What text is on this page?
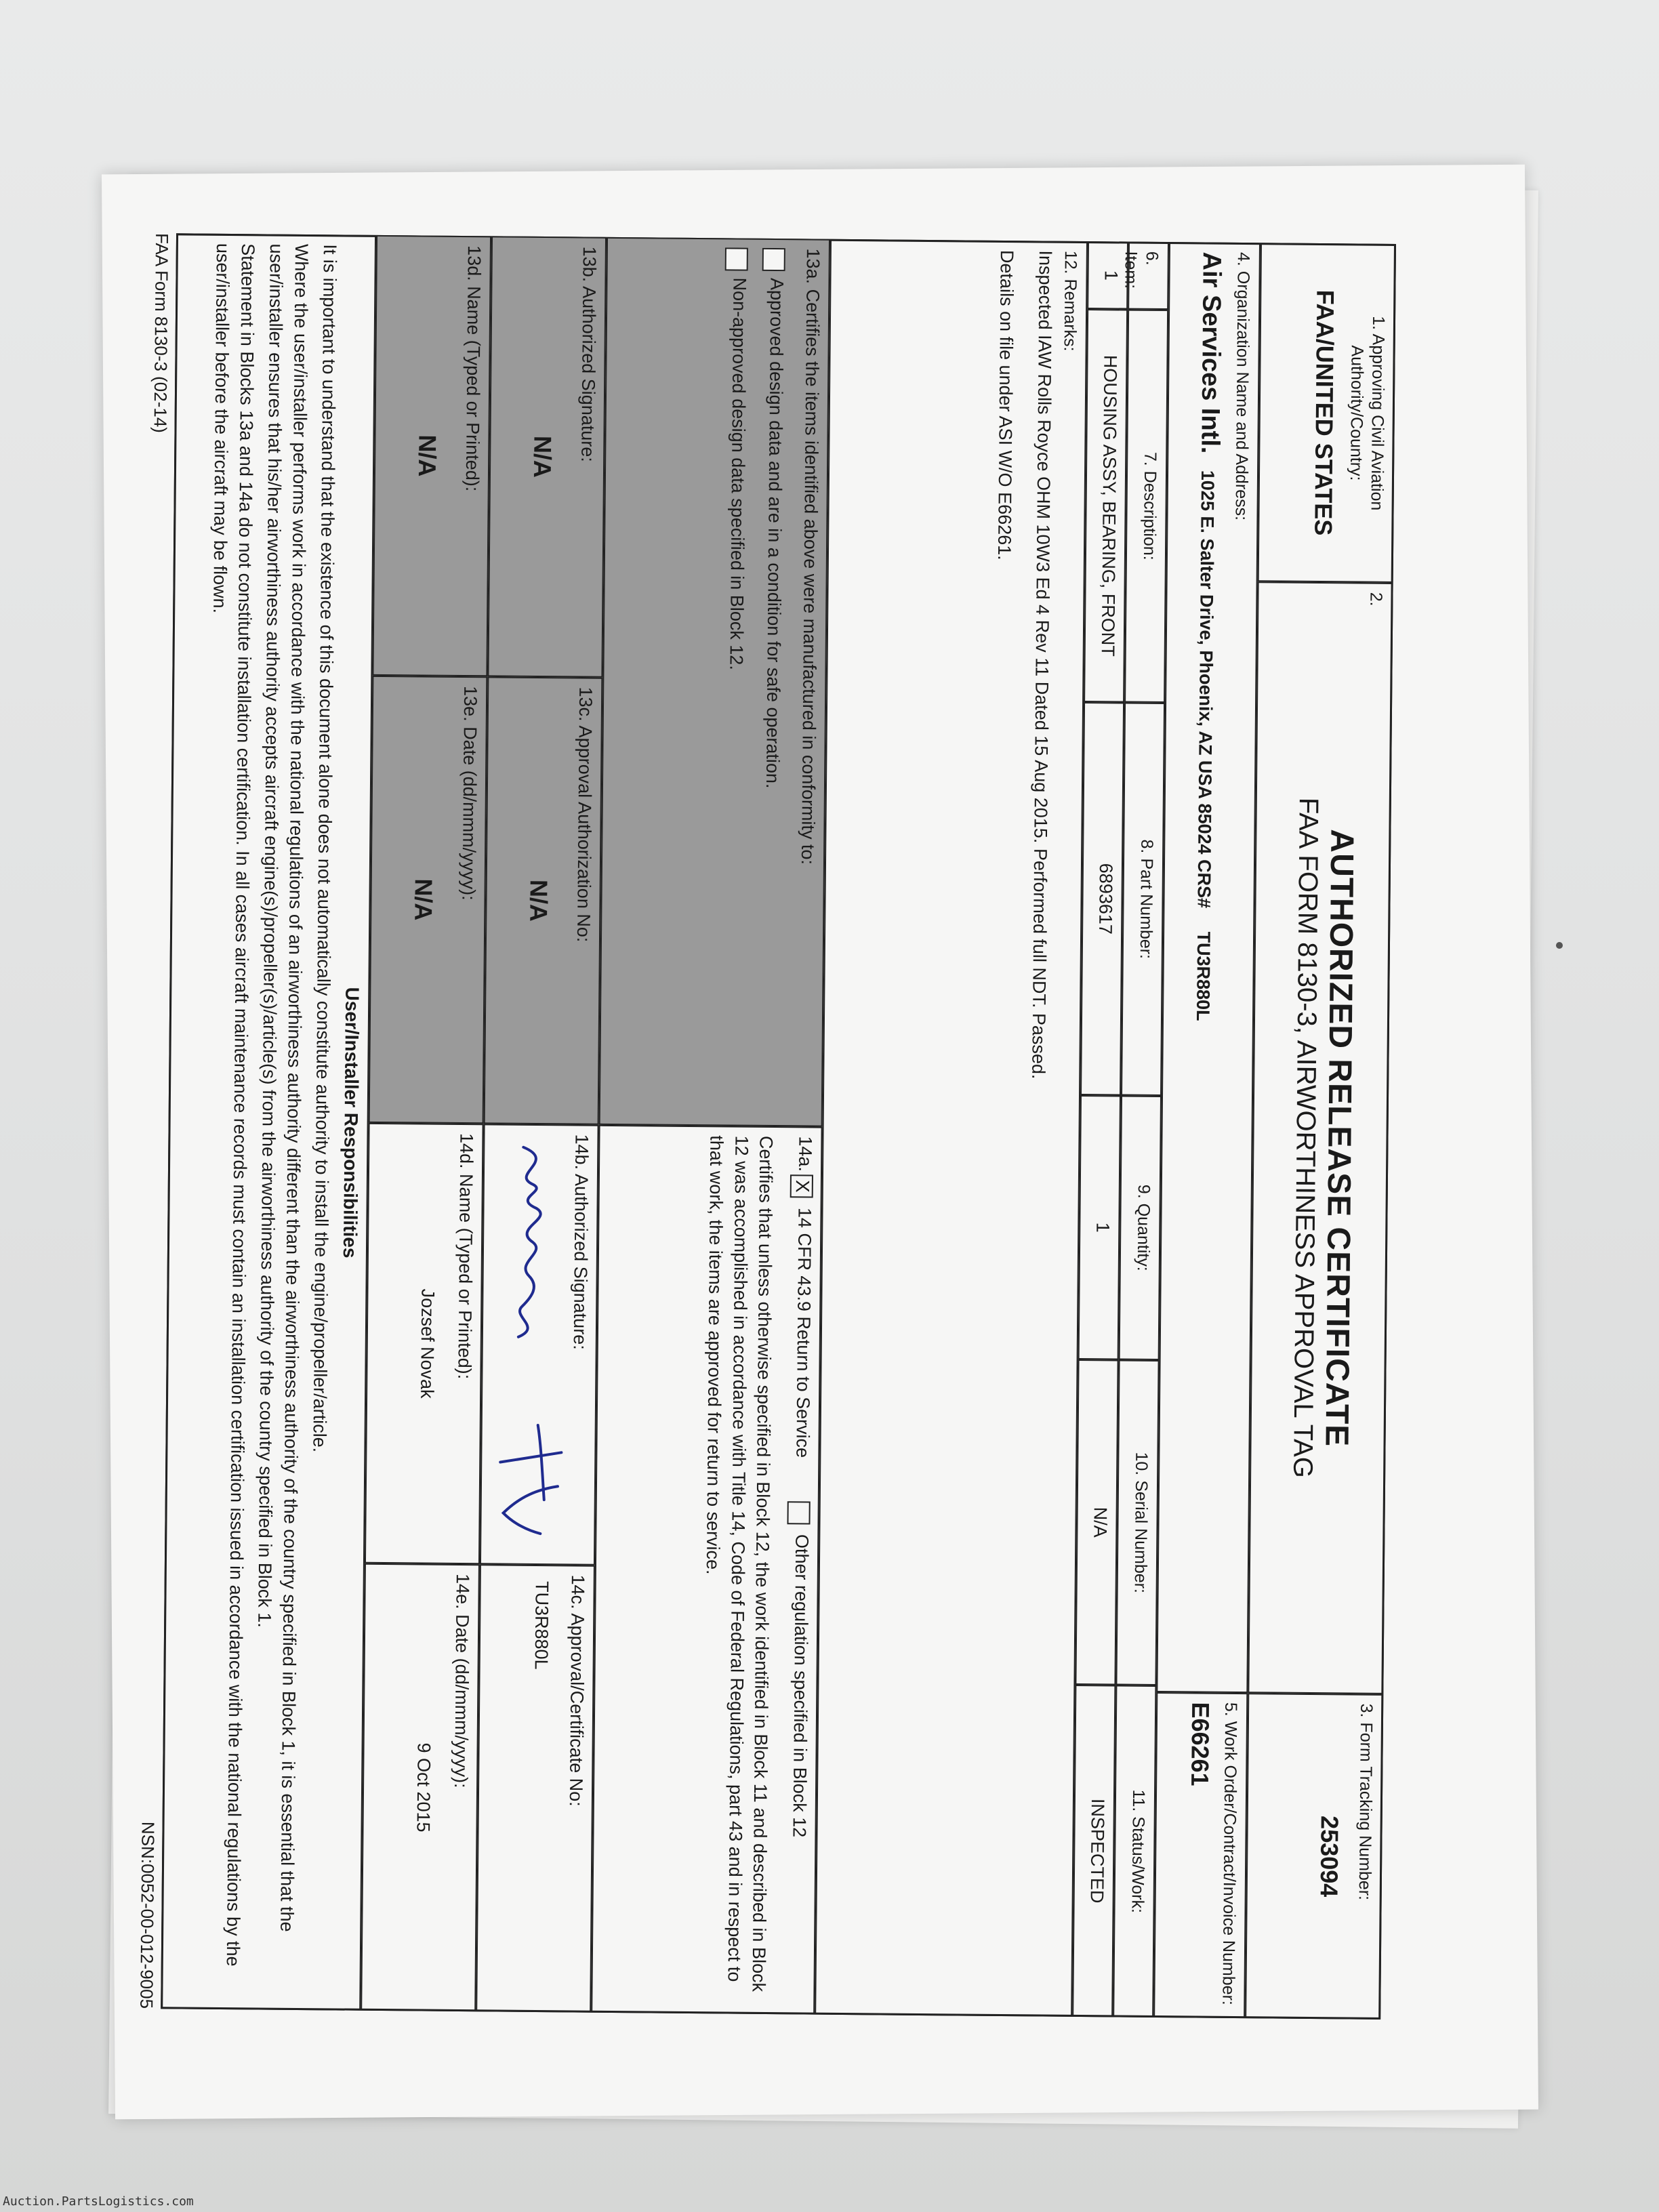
1. Approving Civil Aviation Authority/Country:
FAA/UNITED STATES
2.
AUTHORIZED RELEASE CERTIFICATE
FAA FORM 8130-3, AIRWORTHINESS APPROVAL TAG
3. Form Tracking Number:
253094
4. Organization Name and Address:
Air Services Intl. 1025 E. Salter Drive, Phoenix, AZ USA 85024 CRS# TU3R880L
5. Work Order/Contract/Invoice Number:
E66261
6. Item:
7. Description:
8. Part Number:
9. Quantity:
10. Serial Number:
11. Status/Work:
1
HOUSING ASSY, BEARING, FRONT
6893617
1
N/A
INSPECTED
12. Remarks:
Inspected IAW Rolls Royce OHM 10W3 Ed 4 Rev 11 Dated 15 Aug 2015. Performed full NDT. Passed.
Details on file under ASI W/O E66261.
13a. Certifies the items identified above were manufactured in conformity to:
Approved design data and are in a condition for safe operation.
Non-approved design data specified in Block 12.
14a. X 14 CFR 43.9 Return to Service  Other regulation specified in Block 12
Certifies that unless otherwise specified in Block 12, the work identified in Block 11 and described in Block 12 was accomplished in accordance with Title 14, Code of Federal Regulations, part 43 and in respect to that work, the items are approved for return to service.
13b. Authorized Signature:
N/A
13c. Approval Authorization No:
N/A
14b. Authorized Signature:
14c. Approval/Certificate No:
TU3R880L
13d. Name (Typed or Printed):
N/A
13e. Date (dd/mmm/yyyy):
N/A
14d. Name (Typed or Printed):
Jozsef Novak
14e. Date (dd/mmm/yyyy):
9 Oct 2015
User/Installer Responsibilities
It is important to understand that the existence of this document alone does not automatically constitute authority to install the engine/propeller/article.
Where the user/installer performs work in accordance with the national regulations of an airworthiness authority different than the airworthiness authority of the country specified in Block 1, it is essential that the user/installer ensures that his/her airworthiness authority accepts aircraft engine(s)/propeller(s)/article(s) from the airworthiness authority of the country specified in Block 1.
Statement in Blocks 13a and 14a do not constitute installation certification. In all cases aircraft maintenance records must contain an installation certification issued in accordance with the national regulations by the user/installer before the aircraft may be flown.
FAA Form 8130-3 (02-14)
NSN:0052-00-012-9005
Auction.PartsLogistics.com
